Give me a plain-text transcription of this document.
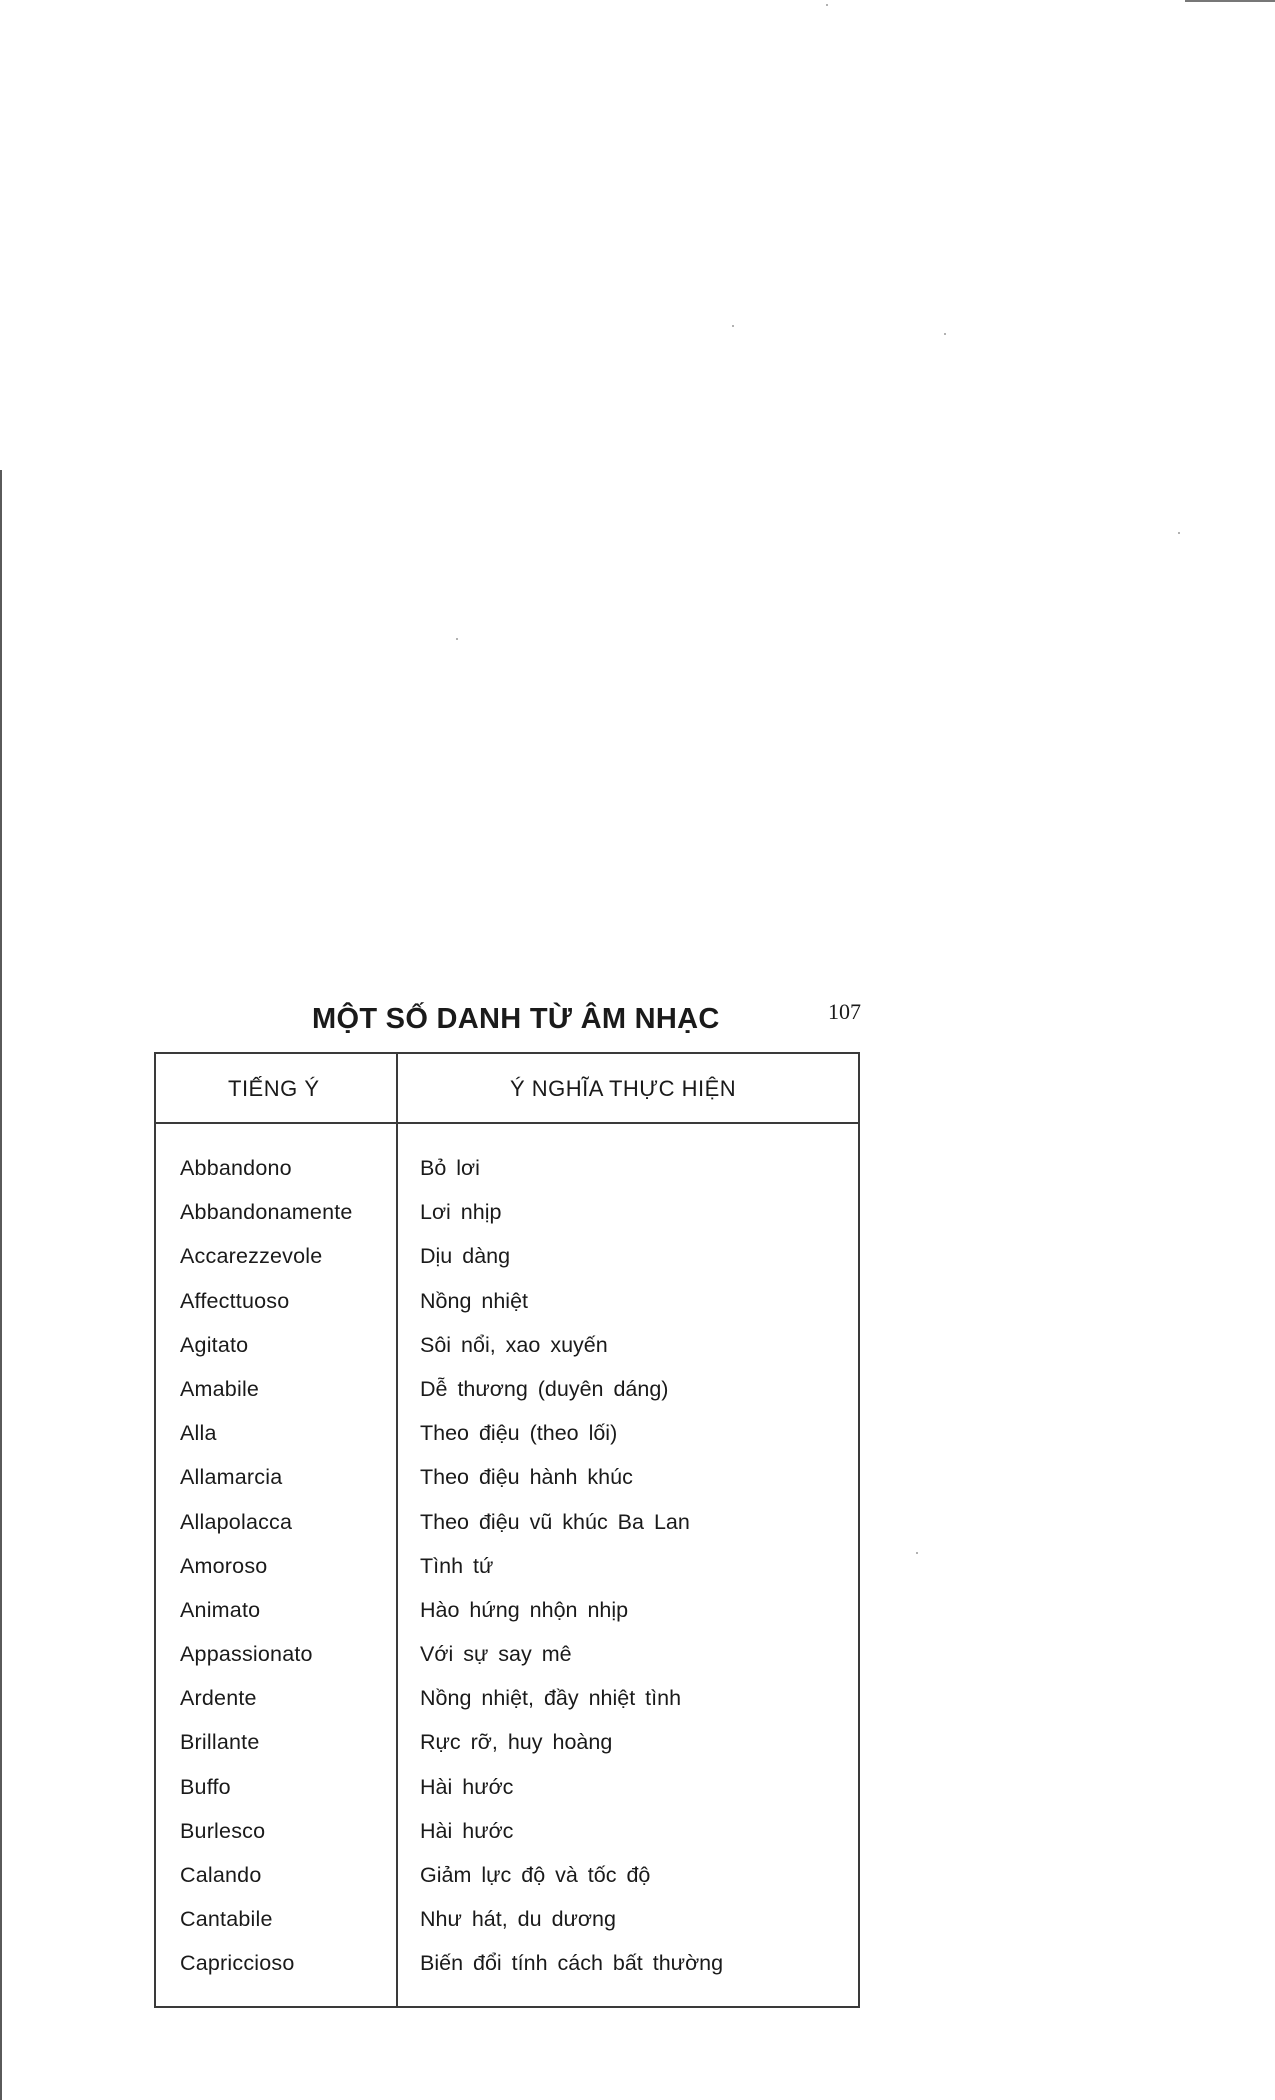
MỘT SỐ DANH TỪ ÂM NHẠC	107
TIẾNG Ý	Ý NGHĨA THỰC HIỆN
Abbandono	Bỏ lơi
Abbandonamente	Lơi nhịp
Accarezzevole	Dịu dàng
Affecttuoso	Nồng nhiệt
Agitato	Sôi nổi, xao xuyến
Amabile	Dễ thương (duyên dáng)
Alla	Theo điệu (theo lối)
Allamarcia	Theo điệu hành khúc
Allapolacca	Theo điệu vũ khúc Ba Lan
Amoroso	Tình tứ
Animato	Hào hứng nhộn nhịp
Appassionato	Với sự say mê
Ardente	Nồng nhiệt, đầy nhiệt tình
Brillante	Rực rỡ, huy hoàng
Buffo	Hài hước
Burlesco	Hài hước
Calando	Giảm lực độ và tốc độ
Cantabile	Như hát, du dương
Capriccioso	Biến đổi tính cách bất thường
